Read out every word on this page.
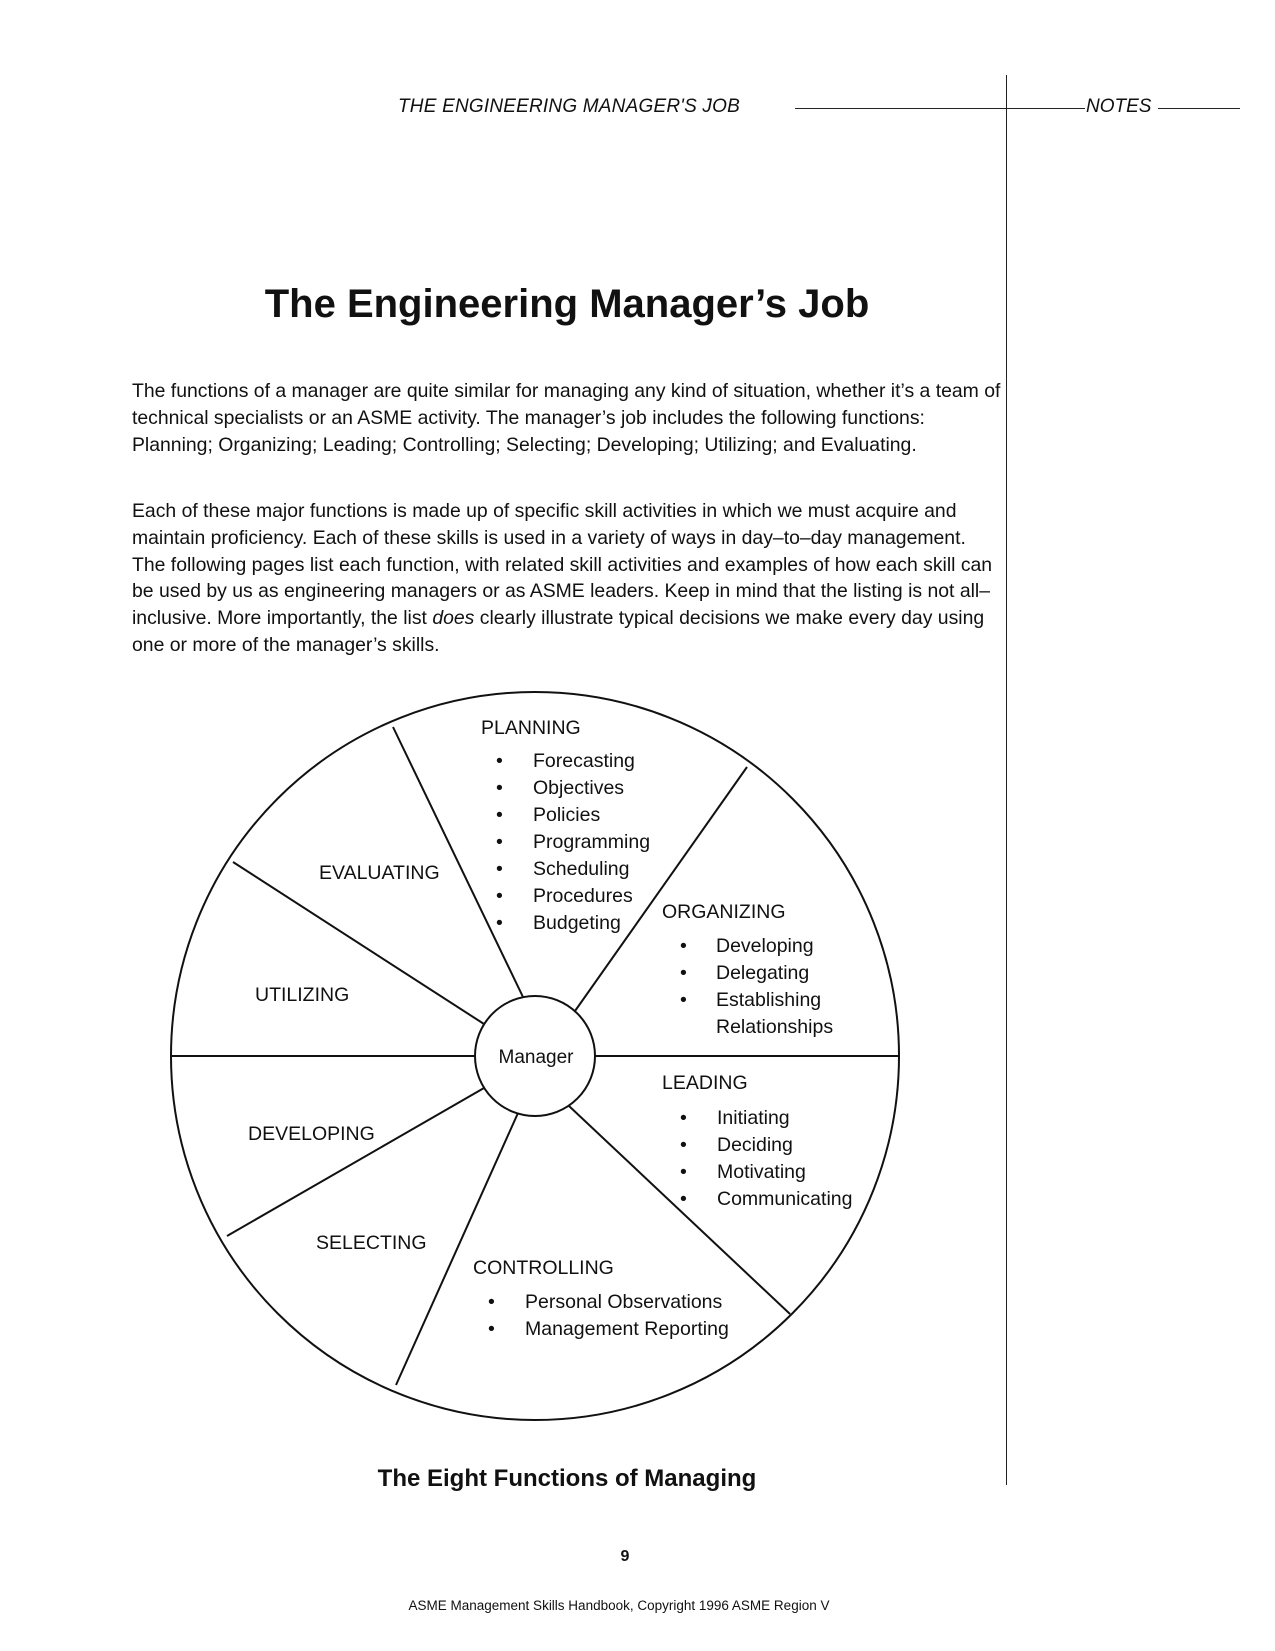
THE ENGINEERING MANAGER'S JOB	NOTES
The Engineering Manager’s Job

The functions of a manager are quite similar for managing any kind of situation, whether it’s a team of technical specialists or an ASME activity. The manager’s job includes the following functions: Planning; Organizing; Leading; Controlling; Selecting; Developing; Utilizing; and Evaluating.

Each of these major functions is made up of specific skill activities in which we must acquire and maintain proficiency. Each of these skills is used in a variety of ways in day–to–day management. The following pages list each function, with related skill activities and examples of how each skill can be used by us as engineering managers or as ASME leaders. Keep in mind that the listing is not all–inclusive. More importantly, the list does clearly illustrate typical decisions we make every day using one or more of the manager’s skills.

Manager
PLANNING
• Forecasting
• Objectives
• Policies
• Programming
• Scheduling
• Procedures
• Budgeting ORGANIZING
• Developing
• Delegating
• Establishing
Relationships
LEADING
• Initiating
• Deciding
• Motivating
• Communicating
CONTROLLING
• Personal Observations
• Management Reporting
SELECTING
DEVELOPING
UTILIZING
EVALUATING
The Eight Functions of Managing
9
ASME Management Skills Handbook, Copyright 1996 ASME Region V
